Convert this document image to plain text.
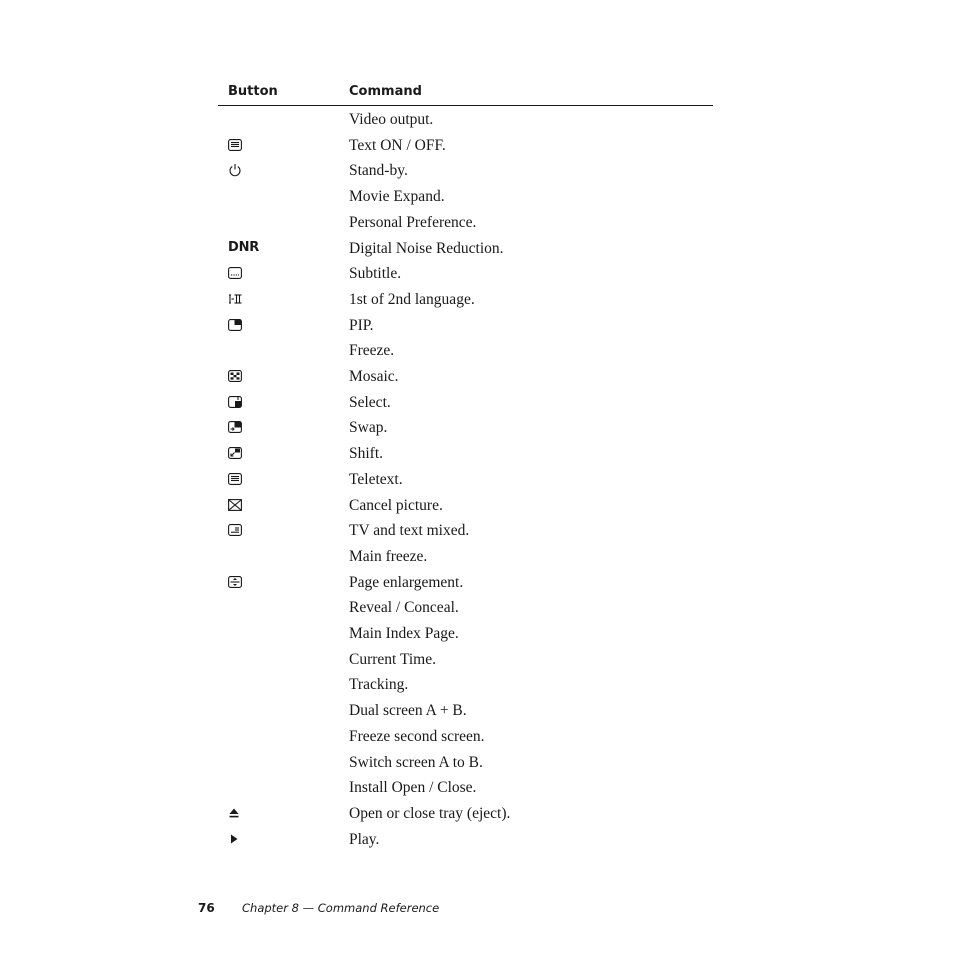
Button	Command
Video output.
Text ON / OFF.
Stand-by.
Movie Expand.
Personal Preference.
DNR	Digital Noise Reduction.
Subtitle.
1st of 2nd language.
PIP.
Freeze.
Mosaic.
Select.
Swap.
Shift.
Teletext.
Cancel picture.
TV and text mixed.
Main freeze.
Page enlargement.
Reveal / Conceal.
Main Index Page.
Current Time.
Tracking.
Dual screen A + B.
Freeze second screen.
Switch screen A to B.
Install Open / Close.
Open or close tray (eject).
Play.
76 Chapter 8 — Command Reference
